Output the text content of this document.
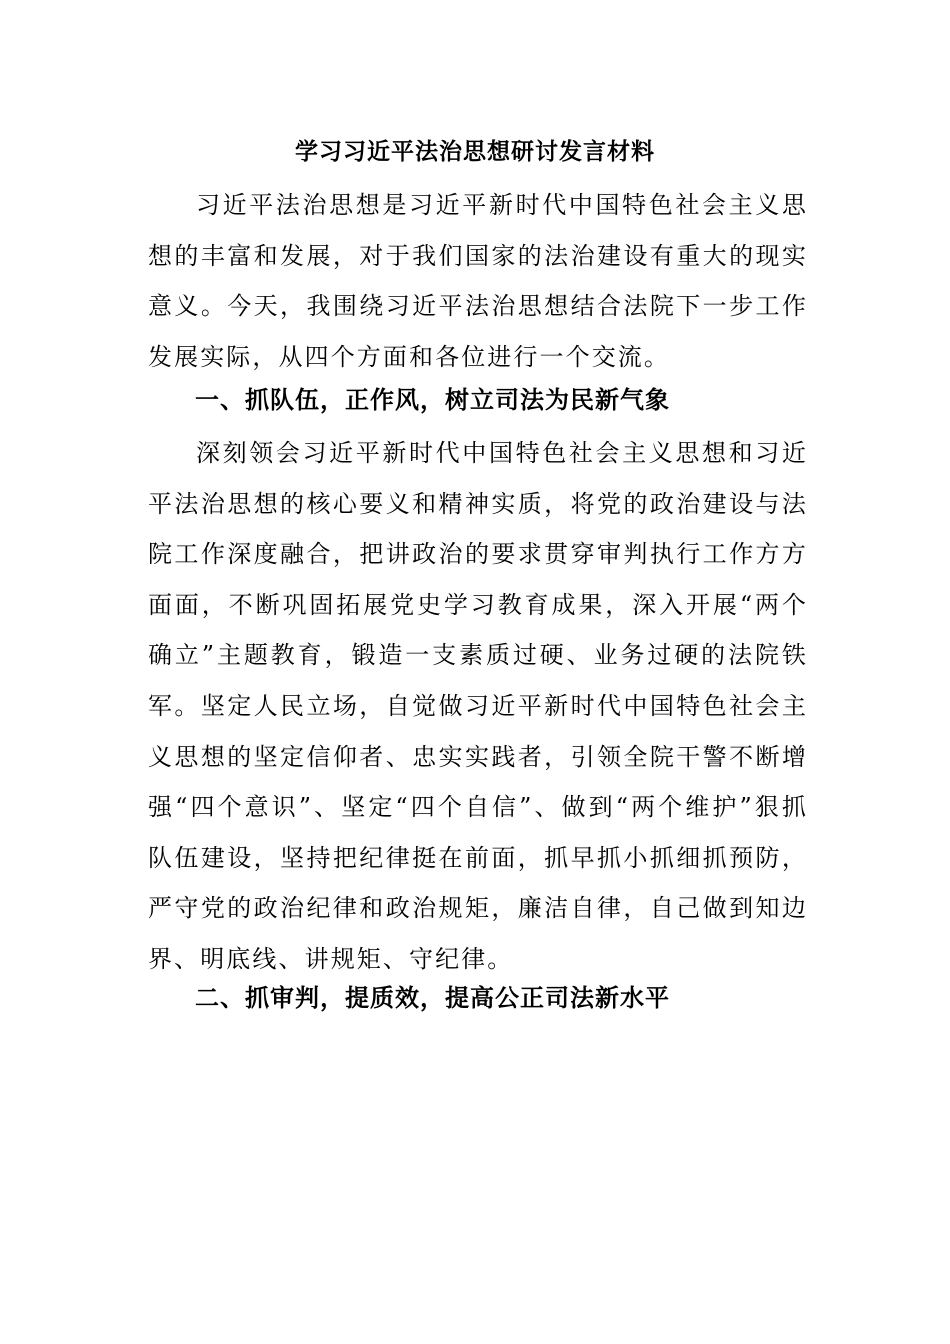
学习习近平法治思想研讨发言材料
习近平法治思想是习近平新时代中国特色社会主义思想的丰富和发展，对于我们国家的法治建设有重大的现实意义。今天，我围绕习近平法治思想结合法院下一步工作发展实际，从四个方面和各位进行一个交流。
一、抓队伍，正作风，树立司法为民新气象
深刻领会习近平新时代中国特色社会主义思想和习近平法治思想的核心要义和精神实质，将党的政治建设与法院工作深度融合，把讲政治的要求贯穿审判执行工作方方面面，不断巩固拓展党史学习教育成果，深入开展“两个确立”主题教育，锻造一支素质过硬、业务过硬的法院铁军。坚定人民立场，自觉做习近平新时代中国特色社会主义思想的坚定信仰者、忠实实践者，引领全院干警不断增强“四个意识”、坚定“四个自信”、做到“两个维护”狠抓队伍建设，坚持把纪律挺在前面，抓早抓小抓细抓预防，严守党的政治纪律和政治规矩，廉洁自律，自己做到知边界、明底线、讲规矩、守纪律。
二、抓审判，提质效，提高公正司法新水平
